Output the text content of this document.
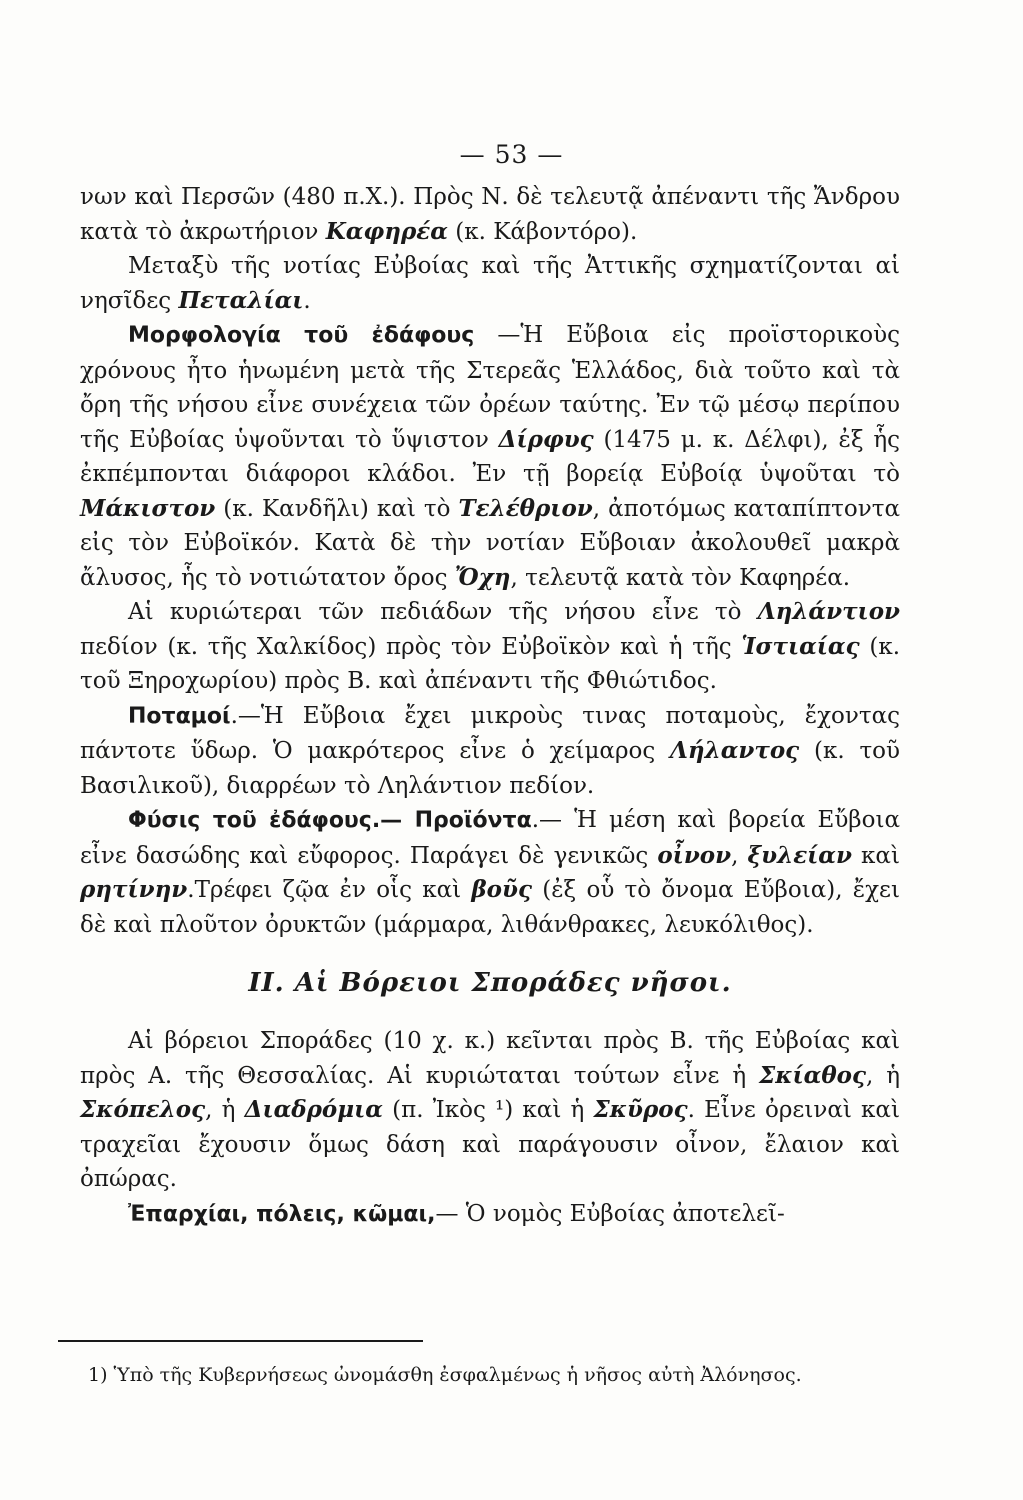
— 53 —

νων καὶ Περσῶν (480 π.Χ.). Πρὸς Ν. δὲ τελευτᾷ ἀπέναντι τῆς Ἄνδρου κατὰ τὸ ἀκρωτήριον Καφηρέα (κ. Κάβοντόρο).

Μεταξὺ τῆς νοτίας Εὐβοίας καὶ τῆς Ἀττικῆς σχηματίζονται αἱ νησῖδες Πεταλίαι.

Μορφολογία τοῦ ἐδάφους —Ἡ Εὔβοια εἰς προϊστορικοὺς χρόνους ἦτο ἡνωμένη μετὰ τῆς Στερεᾶς Ἑλλάδος, διὰ τοῦτο καὶ τὰ ὄρη τῆς νήσου εἶνε συνέχεια τῶν ὀρέων ταύτης. Ἐν τῷ μέσῳ περίπου τῆς Εὐβοίας ὑψοῦνται τὸ ὕψιστον Δίρφυς (1475 μ. κ. Δέλφι), ἐξ ἧς ἐκπέμπονται διάφοροι κλάδοι. Ἐν τῇ βορείᾳ Εὐβοίᾳ ὑψοῦται τὸ Μάκιστον (κ. Κανδῆλι) καὶ τὸ Τελέθριον, ἀποτόμως καταπίπτοντα εἰς τὸν Εὐβοϊκόν. Κατὰ δὲ τὴν νοτίαν Εὔβοιαν ἀκολουθεῖ μακρὰ ἄλυσος, ἧς τὸ νοτιώτατον ὄρος Ὄχη, τελευτᾷ κατὰ τὸν Καφηρέα.

Αἱ κυριώτεραι τῶν πεδιάδων τῆς νήσου εἶνε τὸ Ληλάντιον πεδίον (κ. τῆς Χαλκίδος) πρὸς τὸν Εὐβοϊκὸν καὶ ἡ τῆς Ἱστιαίας (κ. τοῦ Ξηροχωρίου) πρὸς Β. καὶ ἀπέναντι τῆς Φθιώτιδος.

Ποταμοί.—Ἡ Εὔβοια ἔχει μικροὺς τινας ποταμοὺς, ἔχοντας πάντοτε ὕδωρ. Ὁ μακρότερος εἶνε ὁ χείμαρος Λήλαντος (κ. τοῦ Βασιλικοῦ), διαρρέων τὸ Ληλάντιον πεδίον.

Φύσις τοῦ ἐδάφους.— Προϊόντα.— Ἡ μέση καὶ βορεία Εὔβοια εἶνε δασώδης καὶ εὔφορος. Παράγει δὲ γενικῶς οἶνον, ξυλείαν καὶ ρητίνην.Τρέφει ζῷα ἐν οἷς καὶ βοῦς (ἐξ οὗ τὸ ὄνομα Εὔβοια), ἔχει δὲ καὶ πλοῦτον ὀρυκτῶν (μάρμαρα, λιθάνθρακες, λευκόλιθος).

ΙΙ. Αἱ Βόρειοι Σποράδες νῆσοι.

Αἱ βόρειοι Σποράδες (10 χ. κ.) κεῖνται πρὸς Β. τῆς Εὐβοίας καὶ πρὸς Α. τῆς Θεσσαλίας. Αἱ κυριώταται τούτων εἶνε ἡ Σκίαθος, ἡ Σκόπελος, ἡ Διαδρόμια (π. Ἰκὸς ¹) καὶ ἡ Σκῦρος. Εἶνε ὀρειναὶ καὶ τραχεῖαι ἔχουσιν ὅμως δάση καὶ παράγουσιν οἶνον, ἔλαιον καὶ ὀπώρας.

Ἐπαρχίαι, πόλεις, κῶμαι,— Ὁ νομὸς Εὐβοίας ἀποτελεῖ-

1) Ὑπὸ τῆς Κυβερνήσεως ὠνομάσθη ἐσφαλμένως ἡ νῆσος αὐτὴ Ἀλόνησος.
